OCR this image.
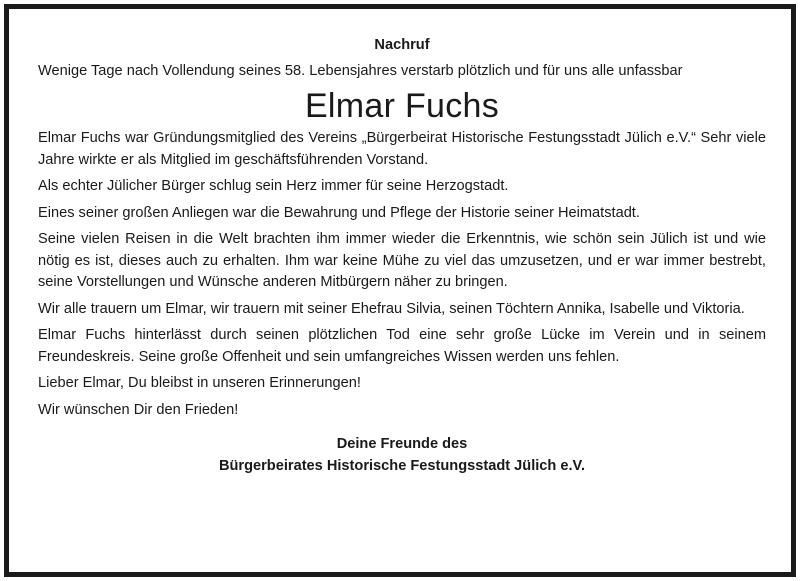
Nachruf

Wenige Tage nach Vollendung seines 58. Lebensjahres verstarb plötzlich und für uns alle unfassbar

Elmar Fuchs

Elmar Fuchs war Gründungsmitglied des Vereins „Bürgerbeirat Historische Festungsstadt Jülich e.V.“ Sehr viele Jahre wirkte er als Mitglied im geschäftsführenden Vorstand.

Als echter Jülicher Bürger schlug sein Herz immer für seine Herzogstadt.

Eines seiner großen Anliegen war die Bewahrung und Pflege der Historie seiner Heimatstadt.

Seine vielen Reisen in die Welt brachten ihm immer wieder die Erkenntnis, wie schön sein Jülich ist und wie nötig es ist, dieses auch zu erhalten. Ihm war keine Mühe zu viel das umzusetzen, und er war immer bestrebt, seine Vorstellungen und Wünsche anderen Mitbürgern näher zu bringen.

Wir alle trauern um Elmar, wir trauern mit seiner Ehefrau Silvia, seinen Töchtern Annika, Isabelle und Viktoria.

Elmar Fuchs hinterlässt durch seinen plötzlichen Tod eine sehr große Lücke im Verein und in seinem Freundeskreis. Seine große Offenheit und sein umfangreiches Wissen werden uns fehlen.

Lieber Elmar, Du bleibst in unseren Erinnerungen!

Wir wünschen Dir den Frieden!

Deine Freunde des
Bürgerbeirates Historische Festungsstadt Jülich e.V.
